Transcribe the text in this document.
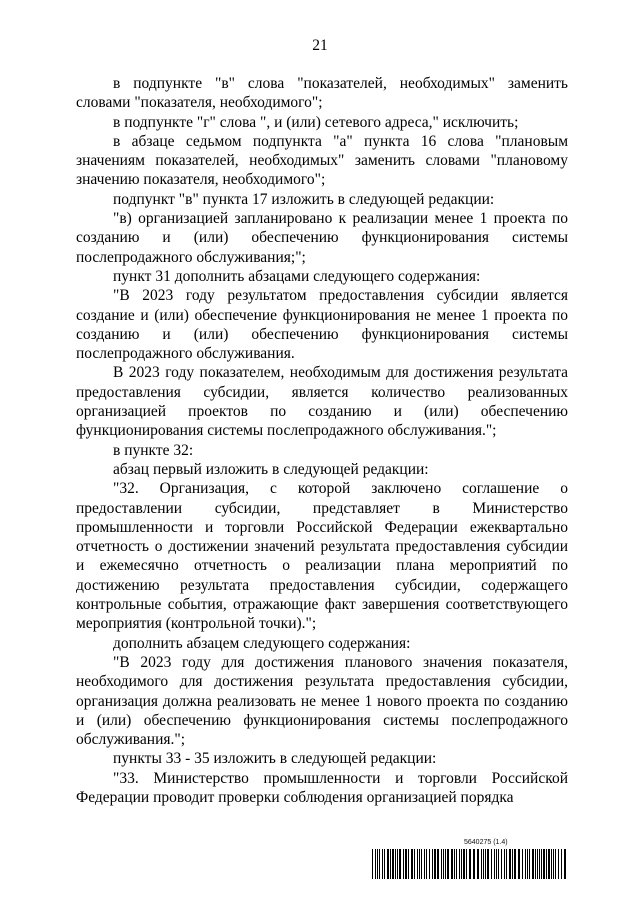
21

в подпункте "в" слова "показателей, необходимых" заменить словами "показателя, необходимого";

в подпункте "г" слова ", и (или) сетевого адреса," исключить;

в абзаце седьмом подпункта "а" пункта 16 слова "плановым значениям показателей, необходимых" заменить словами "плановому значению показателя, необходимого";

подпункт "в" пункта 17 изложить в следующей редакции:

"в) организацией запланировано к реализации менее 1 проекта по созданию и (или) обеспечению функционирования системы послепродажного обслуживания;";

пункт 31 дополнить абзацами следующего содержания:

"В 2023 году результатом предоставления субсидии является создание и (или) обеспечение функционирования не менее 1 проекта по созданию и (или) обеспечению функционирования системы послепродажного обслуживания.

В 2023 году показателем, необходимым для достижения результата предоставления субсидии, является количество реализованных организацией проектов по созданию и (или) обеспечению функционирования системы послепродажного обслуживания.";

в пункте 32:

абзац первый изложить в следующей редакции:

"32. Организация, с которой заключено соглашение о предоставлении субсидии, представляет в Министерство промышленности и торговли Российской Федерации ежеквартально отчетность о достижении значений результата предоставления субсидии и ежемесячно отчетность о реализации плана мероприятий по достижению результата предоставления субсидии, содержащего контрольные события, отражающие факт завершения соответствующего мероприятия (контрольной точки).";

дополнить абзацем следующего содержания:

"В 2023 году для достижения планового значения показателя, необходимого для достижения результата предоставления субсидии, организация должна реализовать не менее 1 нового проекта по созданию и (или) обеспечению функционирования системы послепродажного обслуживания.";

пункты 33 - 35 изложить в следующей редакции:

"33. Министерство промышленности и торговли Российской Федерации проводит проверки соблюдения организацией порядка

5640275 (1.4)
